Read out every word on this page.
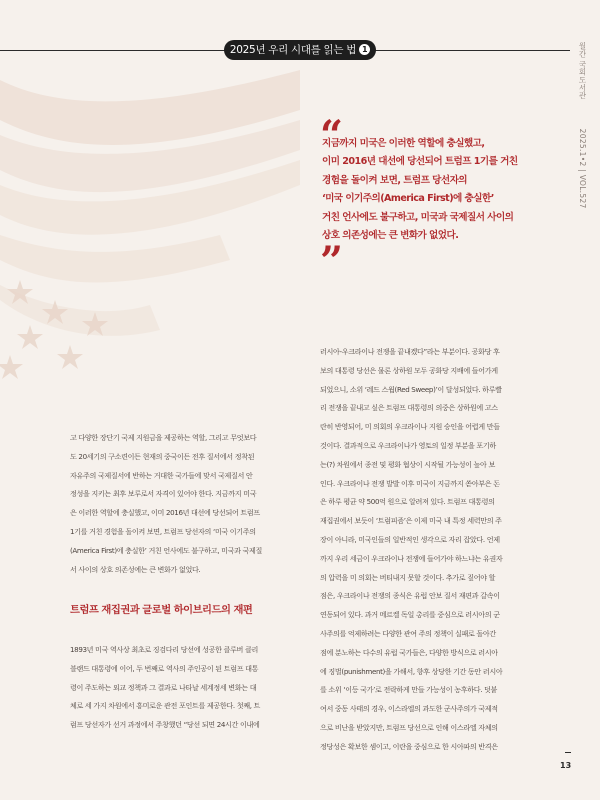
2025년 우리 시대를 읽는 법 1	월간 국회도서관  2025.1•2 | VOL.527
“
지금까지 미국은 이러한 역할에 충실했고,
이미 2016년 대선에 당선되어 트럼프 1기를 거친
경험을 돌이켜 보면, 트럼프 당선자의
‘미국 이기주의(America First)에 충실한’
거친 언사에도 불구하고, 미국과 국제질서 사이의
상호 의존성에는 큰 변화가 없었다.
”
고 다양한 장단기 국제 지원금을 제공하는 역할, 그리고 무엇보다
도 20세기의 구소련이든 현재의 중국이든 전후 질서에서 정착된
자유주의 국제질서에 반하는 거대한 국가들에 맞서 국제질서 안
정성을 지키는 최후 보루로서 자격이 있어야 한다. 지금까지 미국
은 이러한 역할에 충실했고, 이미 2016년 대선에 당선되어 트럼프
1기를 거친 경험을 돌이켜 보면, 트럼프 당선자의 ‘미국 이기주의
(America First)에 충실한’ 거친 언사에도 불구하고, 미국과 국제질
서 사이의 상호 의존성에는 큰 변화가 없었다.
트럼프 재집권과 글로벌 하이브리드의 재편
1893년 미국 역사상 최초로 징검다리 당선에 성공한 클루버 클리
블랜드 대통령에 이어, 두 번째로 역사의 주인공이 된 트럼프 대통
령이 주도하는 외교 정책과 그 결과로 나타날 세계정세 변화는 대
체로 세 가지 차원에서 흥미로운 관전 포인트를 제공한다. 첫째, 트
럼프 당선자가 선거 과정에서 주창했던 “당선 되면 24시간 이내에
러시아-우크라이나 전쟁을 끝내겠다”라는 부분이다. 공화당 후
보의 대통령 당선은 물론 상하원 모두 공화당 지배에 들어가게
되었으니, 소위 ‘레드 스윕(Red Sweep)’이 달성되었다. 하루빨
리 전쟁을 끝내고 싶은 트럼프 대통령의 의중은 상하원에 고스
란히 반영되어, 미 의회의 우크라이나 지원 승인을 어렵게 만들
것이다. 결과적으로 우크라이나가 영토의 일정 부분을 포기하
는(?) 차원에서 종전 및 평화 협상이 시작될 가능성이 높아 보
인다. 우크라이나 전쟁 발발 이후 미국이 지금까지 쏟아부은 돈
은 하루 평균 약 500억 원으로 알려져 있다. 트럼프 대통령의
재집권에서 보듯이 ‘트럼피즘’은 이제 미국 내 특정 세력만의 주
장이 아니라, 미국인들의 일반적인 생각으로 자리 잡았다. 언제
까지 우리 세금이 우크라이나 전쟁에 들어가야 하느냐는 유권자
의 압력을 미 의회는 버티내지 못할 것이다. 추가로 짚어야 할
점은, 우크라이나 전쟁의 종식은 유럽 안보 질서 재편과 갈속이
연동되어 있다. 과거 메르켈 독일 총리를 중심으로 러시아의 군
사주의를 억제하려는 다양한 관여 주의 정책이 실패로 돌아간
점에 분노하는 다수의 유럽 국가들은, 다양한 방식으로 러시아
에 징벌(punishment)을 가해서, 향후 상당한 기간 동안 러시아
를 소위 ‘이등 국가’로 전락하게 만들 가능성이 농후하다. 덧붙
여서 중동 사태의 경우, 이스라엘의 과도한 군사주의가 국제적
으로 비난을 받았지만, 트럼프 당선으로 인해 이스라엘 자체의
정당성은 확보한 셈이고, 이란을 중심으로 한 시아파의 반격은
13
